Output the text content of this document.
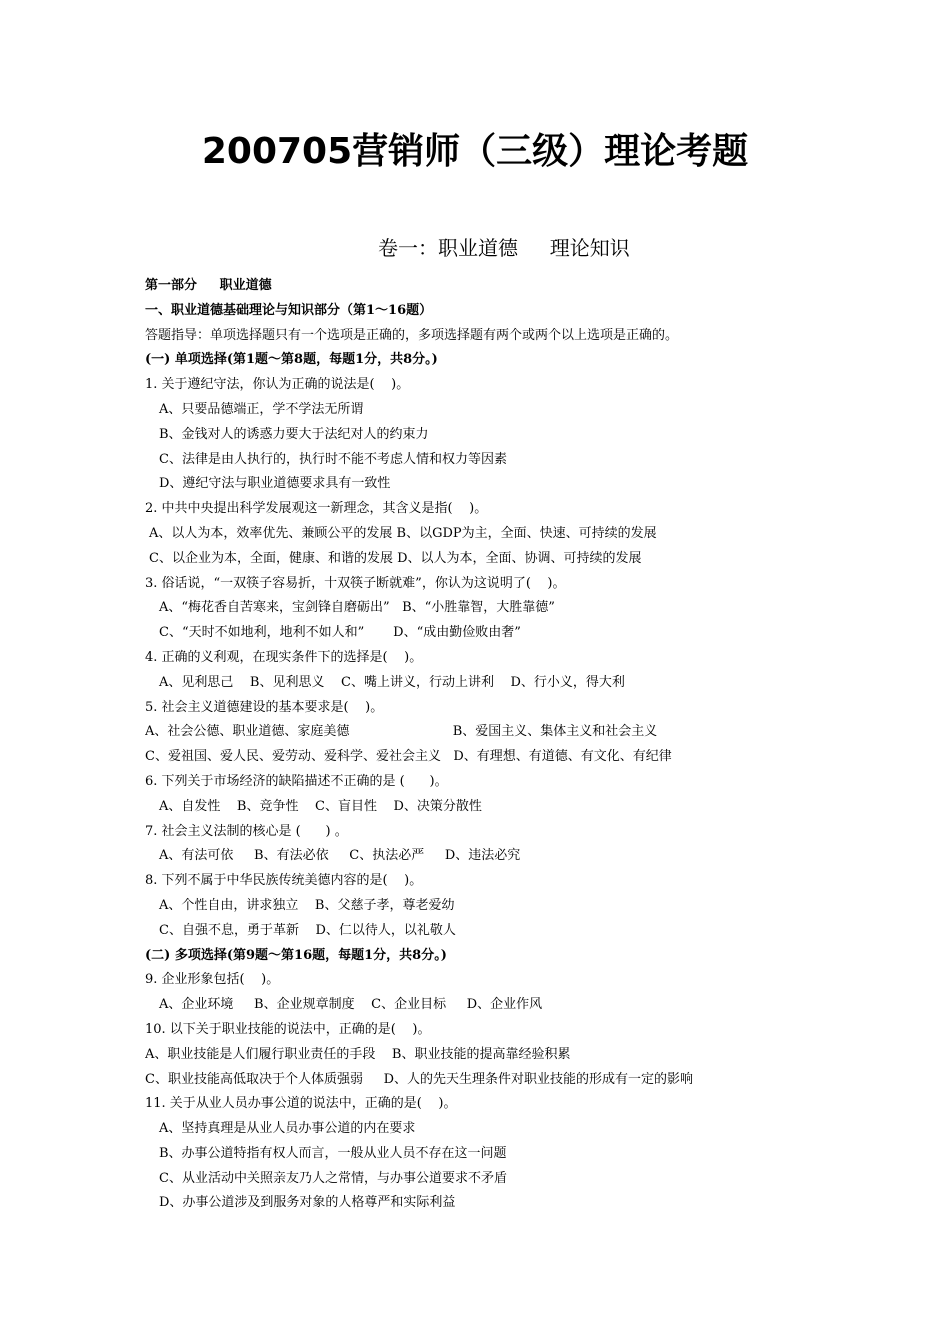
200705营销师（三级）理论考题
卷一：职业道德     理论知识
第一部分     职业道德
一、职业道德基础理论与知识部分（第1～16题）
答题指导：单项选择题只有一个选项是正确的，多项选择题有两个或两个以上选项是正确的。
(一) 单项选择(第1题～第8题，每题1分，共8分。)
1. 关于遵纪守法，你认为正确的说法是(    )。
A、只要品德端正，学不学法无所谓
B、金钱对人的诱惑力要大于法纪对人的约束力
C、法律是由人执行的，执行时不能不考虑人情和权力等因素
D、遵纪守法与职业道德要求具有一致性
2. 中共中央提出科学发展观这一新理念，其含义是指(    )。
A、以人为本，效率优先、兼顾公平的发展 B、以GDP为主，全面、快速、可持续的发展
C、以企业为本，全面，健康、和谐的发展 D、以人为本，全面、协调、可持续的发展
3. 俗话说，“一双筷子容易折，十双筷子断就难”，你认为这说明了(    )。
A、“梅花香自苦寒来，宝剑锋自磨砺出”   B、“小胜靠智，大胜靠德”
C、“天时不如地利，地利不如人和”       D、“成由勤俭败由奢”
4. 正确的义利观，在现实条件下的选择是(    )。
A、见利思己    B、见利思义    C、嘴上讲义，行动上讲利    D、行小义，得大利
5. 社会主义道德建设的基本要求是(    )。
A、社会公德、职业道德、家庭美德                         B、爱国主义、集体主义和社会主义
C、爱祖国、爱人民、爱劳动、爱科学、爱社会主义   D、有理想、有道德、有文化、有纪律
6. 下列关于市场经济的缺陷描述不正确的是 (      )。
A、自发性    B、竞争性    C、盲目性    D、决策分散性
7. 社会主义法制的核心是 (      ) 。
A、有法可依     B、有法必依     C、执法必严     D、违法必究
8. 下列不属于中华民族传统美德内容的是(    )。
A、个性自由，讲求独立    B、父慈子孝，尊老爱幼
C、自强不息，勇于革新    D、仁以待人，以礼敬人
(二) 多项选择(第9题～第16题，每题1分，共8分。)
9. 企业形象包括(    )。
A、企业环境     B、企业规章制度    C、企业目标     D、企业作风
10. 以下关于职业技能的说法中，正确的是(    )。
A、职业技能是人们履行职业责任的手段    B、职业技能的提高靠经验积累
C、职业技能高低取决于个人体质强弱     D、人的先天生理条件对职业技能的形成有一定的影响
11. 关于从业人员办事公道的说法中，正确的是(    )。
A、坚持真理是从业人员办事公道的内在要求
B、办事公道特指有权人而言，一般从业人员不存在这一问题
C、从业活动中关照亲友乃人之常情，与办事公道要求不矛盾
D、办事公道涉及到服务对象的人格尊严和实际利益
